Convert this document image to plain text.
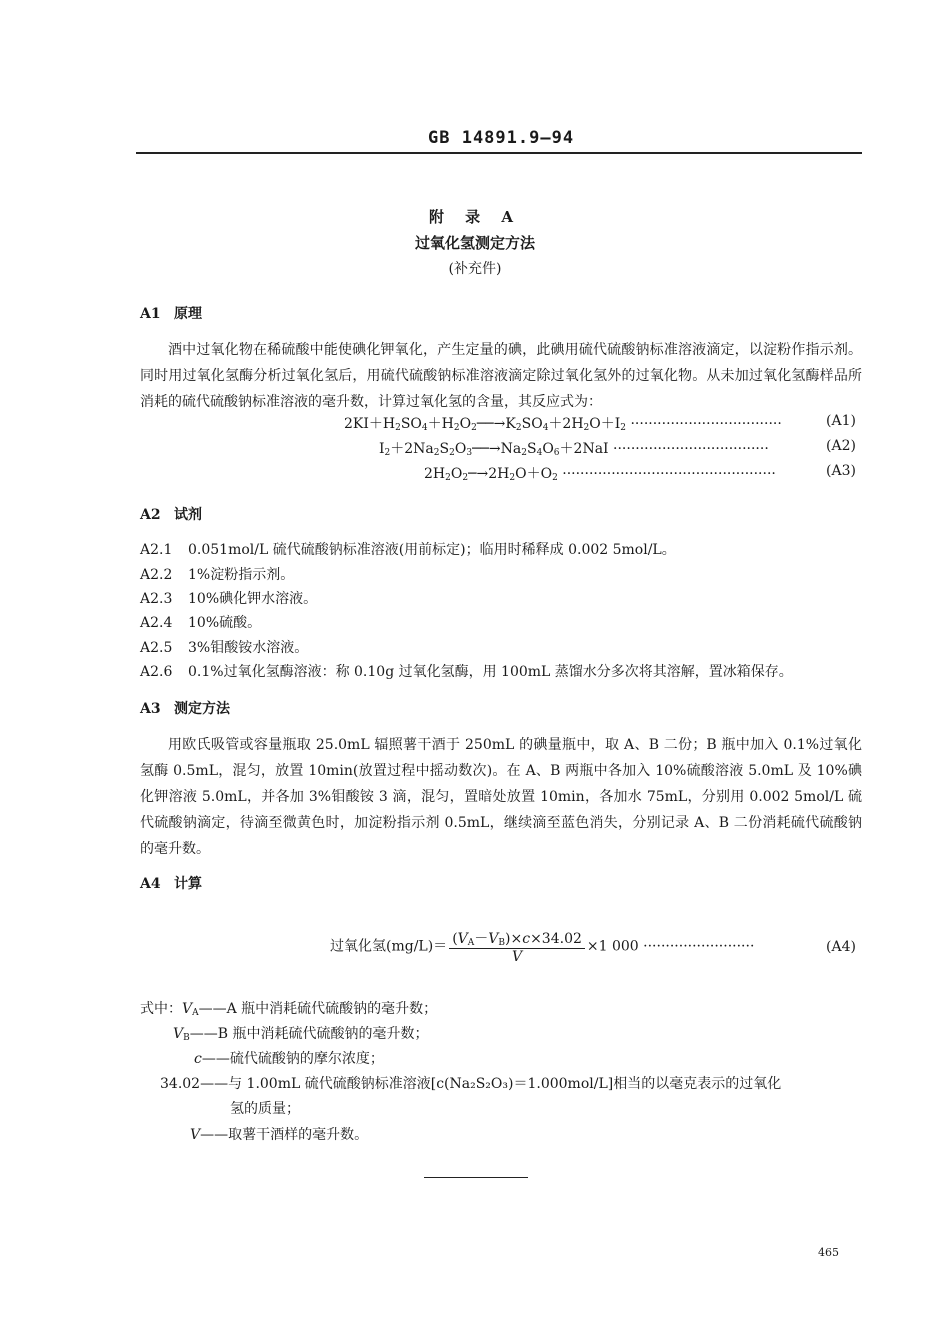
GB 14891.9—94
附 录 A
过氧化氢测定方法
(补充件)
A1 原理
酒中过氧化物在稀硫酸中能使碘化钾氧化，产生定量的碘，此碘用硫代硫酸钠标准溶液滴定，以淀粉作指示剂。同时用过氧化氢酶分析过氧化氢后，用硫代硫酸钠标准溶液滴定除过氧化氢外的过氧化物。从未加过氧化氢酶样品所消耗的硫代硫酸钠标准溶液的毫升数，计算过氧化氢的含量，其反应式为：
$2KI+H_2SO_4+H_2O_2──\to K_2SO_4+2H_2O+I_2$ ··································	(A1)
$I_2+2Na_2S_2O_3──\to Na_2S_4O_6+2NaI$ ···································	(A2)
$2H_2O_2─\to 2H_2O+O_2$ ················································	(A3)
A2 试剂
A2.1 0.051mol/L 硫代硫酸钠标准溶液(用前标定)；临用时稀释成 0.002 5mol/L。
A2.2 1%淀粉指示剂。
A2.3 10%碘化钾水溶液。
A2.4 10%硫酸。
A2.5 3%钼酸铵水溶液。
A2.6 0.1%过氧化氢酶溶液：称 0.10g 过氧化氢酶，用 100mL 蒸馏水分多次将其溶解，置冰箱保存。
A3 测定方法
用欧氏吸管或容量瓶取 25.0mL 辐照薯干酒于 250mL 的碘量瓶中，取 A、B 二份；B 瓶中加入 0.1%过氧化氢酶 0.5mL，混匀，放置 10min(放置过程中摇动数次)。在 A、B 两瓶中各加入 10%硫酸溶液 5.0mL 及 10%碘化钾溶液 5.0mL，并各加 3%钼酸铵 3 滴，混匀，置暗处放置 10min，各加水 75mL，分别用 0.002 5mol/L 硫代硫酸钠滴定，待滴至微黄色时，加淀粉指示剂 0.5mL，继续滴至蓝色消失，分别记录 A、B 二份消耗硫代硫酸钠的毫升数。
A4 计算
过氧化氢$(mg/L)= \frac{(V_A-V_B)\times c\times 34.02}{V} \times 1$ 000 ·························	(A4)
式中：$V_A——A$ 瓶中消耗硫代硫酸钠的毫升数；
$V_B——B$ 瓶中消耗硫代硫酸钠的毫升数；
c——硫代硫酸钠的摩尔浓度；
34.02——与 1.00mL 硫代硫酸钠标准溶液[c(Na₂S₂O₃)＝1.000mol/L]相当的以毫克表示的过氧化
氢的质量；
V——取薯干酒样的毫升数。
465
